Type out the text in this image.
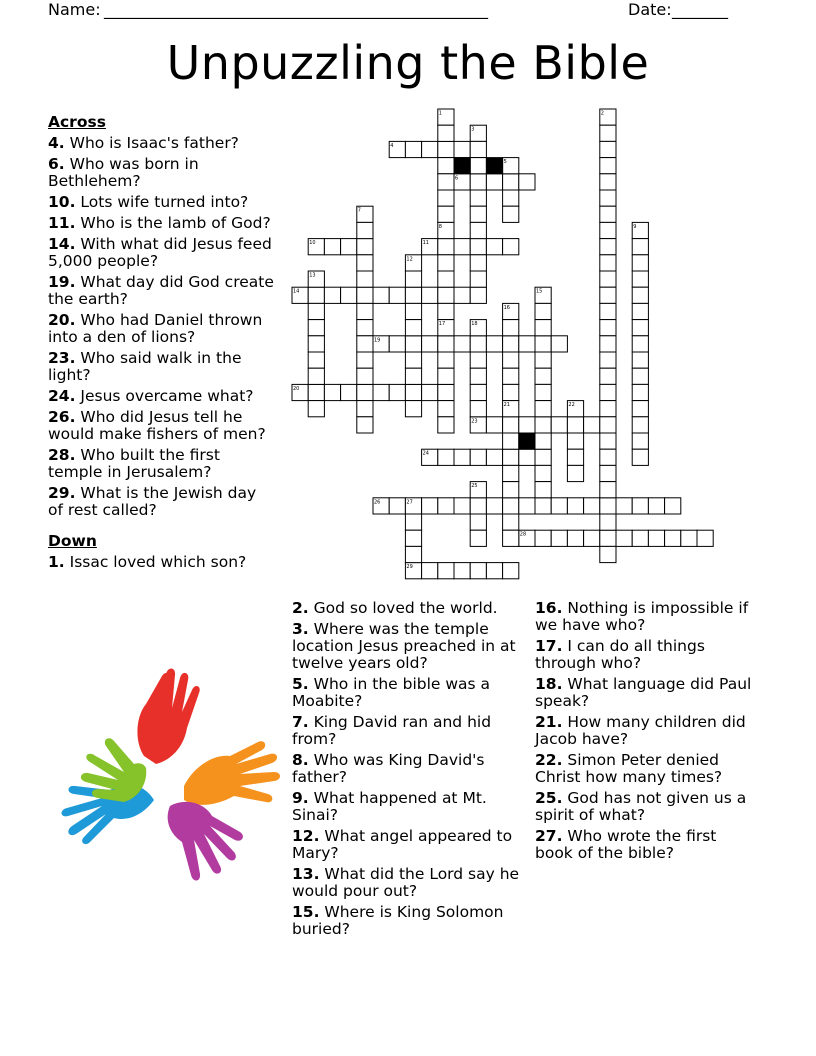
Name: ________________________________________________	Date: _______
Unpuzzling the Bible
Across
4. Who is Isaac's father?
6. Who was born in Bethlehem?
10. Lots wife turned into?
11. Who is the lamb of God?
14. With what did Jesus feed 5,000 people?
19. What day did God create the earth?
20. Who had Daniel thrown into a den of lions?
23. Who said walk in the light?
24. Jesus overcame what?
26. Who did Jesus tell he would make fishers of men?
28. Who built the first temple in Jerusalem?
29. What is the Jewish day of rest called?
Down
1. Issac loved which son?
2. God so loved the world.
3. Where was the temple location Jesus preached in at twelve years old?
5. Who in the bible was a Moabite?
7. King David ran and hid from?
8. Who was King David's father?
9. What happened at Mt. Sinai?
12. What angel appeared to Mary?
13. What did the Lord say he would pour out?
15. Where is King Solomon buried?
16. Nothing is impossible if we have who?
17. I can do all things through who?
18. What language did Paul speak?
21. How many children did Jacob have?
22. Simon Peter denied Christ how many times?
25. God has not given us a spirit of what?
27. Who wrote the first book of the bible?
1	2
3
4
5
6
7
8	9
10	11
12
13
14	15
16
17	18
19
20
21	22
23
24
25
26	27
28
29
